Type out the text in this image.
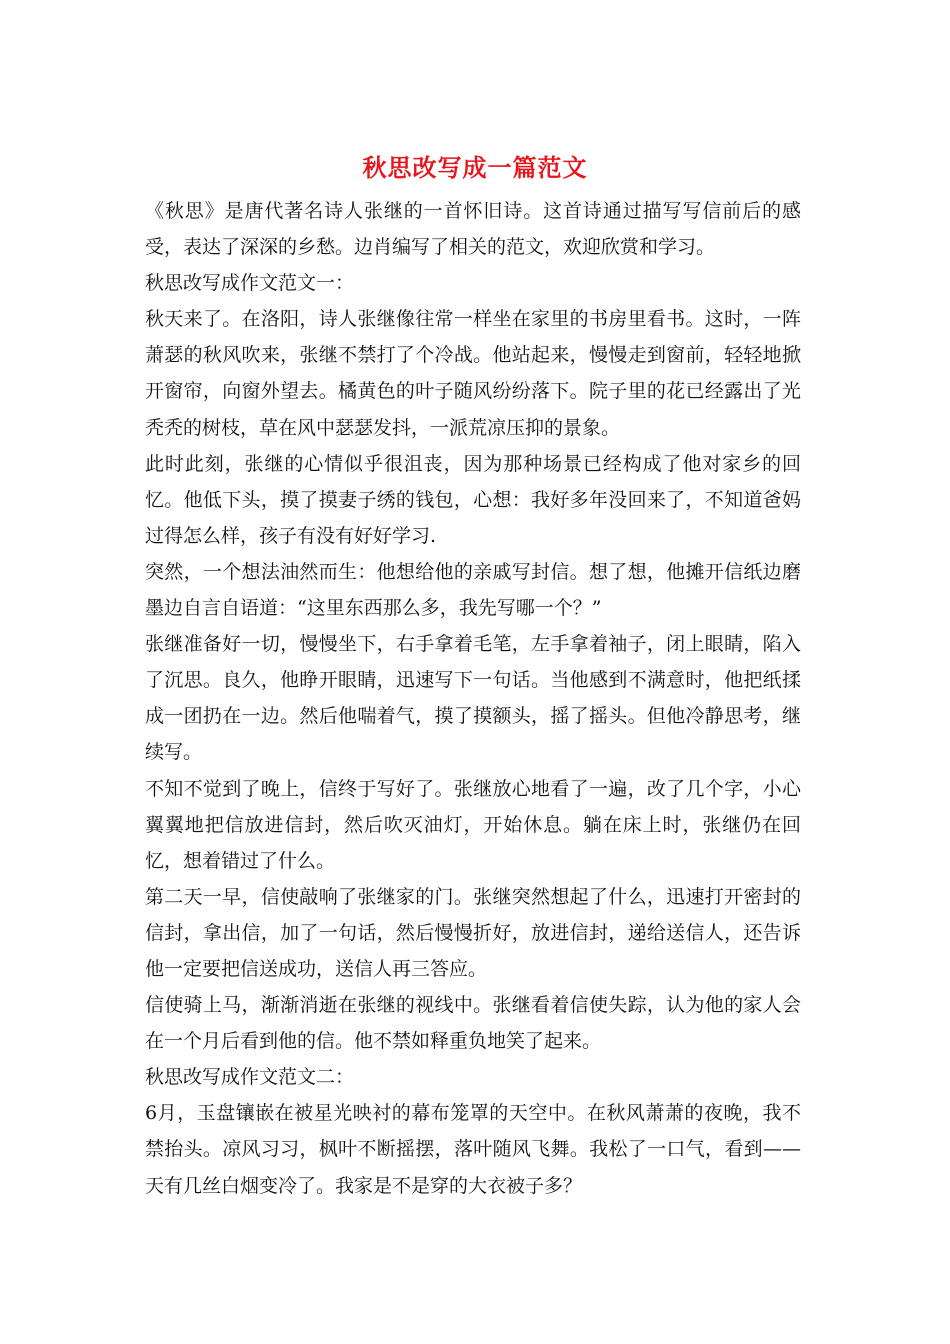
秋思改写成一篇范文

《秋思》是唐代著名诗人张继的一首怀旧诗。这首诗通过描写写信前后的感受，表达了深深的乡愁。边肖编写了相关的范文，欢迎欣赏和学习。

秋思改写成作文范文一：

秋天来了。在洛阳，诗人张继像往常一样坐在家里的书房里看书。这时，一阵萧瑟的秋风吹来，张继不禁打了个冷战。他站起来，慢慢走到窗前，轻轻地掀开窗帘，向窗外望去。橘黄色的叶子随风纷纷落下。院子里的花已经露出了光秃秃的树枝，草在风中瑟瑟发抖，一派荒凉压抑的景象。

此时此刻，张继的心情似乎很沮丧，因为那种场景已经构成了他对家乡的回忆。他低下头，摸了摸妻子绣的钱包，心想：我好多年没回来了，不知道爸妈过得怎么样，孩子有没有好好学习.

突然，一个想法油然而生：他想给他的亲戚写封信。想了想，他摊开信纸边磨墨边自言自语道：“这里东西那么多，我先写哪一个？”

张继准备好一切，慢慢坐下，右手拿着毛笔，左手拿着袖子，闭上眼睛，陷入了沉思。良久，他睁开眼睛，迅速写下一句话。当他感到不满意时，他把纸揉成一团扔在一边。然后他喘着气，摸了摸额头，摇了摇头。但他冷静思考，继续写。

不知不觉到了晚上，信终于写好了。张继放心地看了一遍，改了几个字，小心翼翼地把信放进信封，然后吹灭油灯，开始休息。躺在床上时，张继仍在回忆，想着错过了什么。

第二天一早，信使敲响了张继家的门。张继突然想起了什么，迅速打开密封的信封，拿出信，加了一句话，然后慢慢折好，放进信封，递给送信人，还告诉他一定要把信送成功，送信人再三答应。

信使骑上马，渐渐消逝在张继的视线中。张继看着信使失踪，认为他的家人会在一个月后看到他的信。他不禁如释重负地笑了起来。

秋思改写成作文范文二：

6月，玉盘镶嵌在被星光映衬的幕布笼罩的天空中。在秋风萧萧的夜晚，我不禁抬头。凉风习习，枫叶不断摇摆，落叶随风飞舞。我松了一口气，看到——天有几丝白烟变冷了。我家是不是穿的大衣被子多？
